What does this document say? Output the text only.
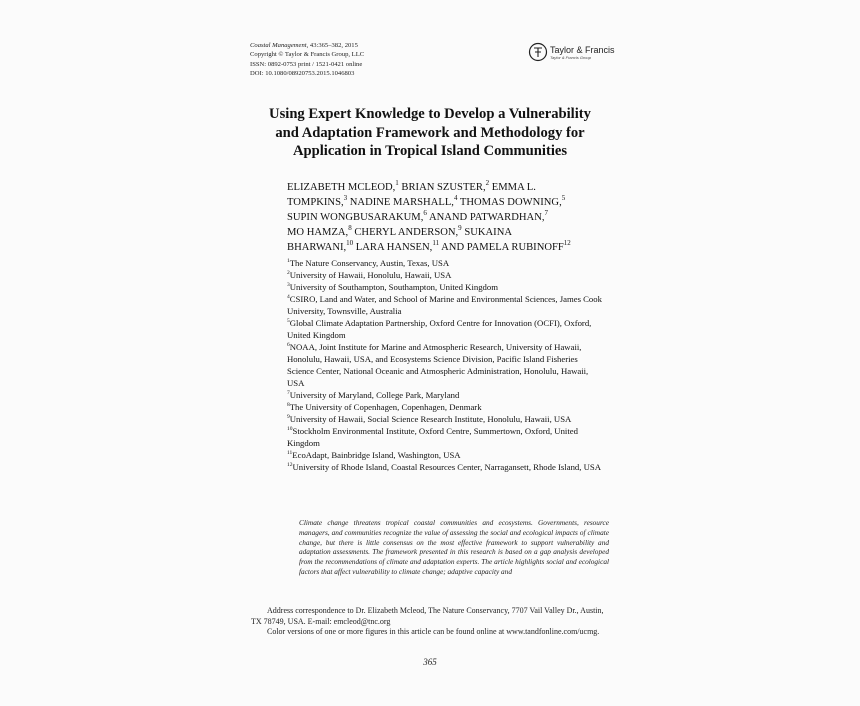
Coastal Management, 43:365–382, 2015
Copyright © Taylor & Francis Group, LLC
ISSN: 0892-0753 print / 1521-0421 online
DOI: 10.1080/08920753.2015.1046803
Taylor & Francis
Taylor & Francis Group
Using Expert Knowledge to Develop a Vulnerability
and Adaptation Framework and Methodology for
Application in Tropical Island Communities
ELIZABETH MCLEOD,$^1$ BRIAN SZUSTER,$^2$ EMMA L.
TOMPKINS,$^3$ NADINE MARSHALL,$^4$ THOMAS DOWNING,$^5$
SUPIN WONGBUSARAKUM,$^6$ ANAND PATWARDHAN,$^7$
MO HAMZA,$^8$ CHERYL ANDERSON,$^9$ SUKAINA
BHARWANI,$^{10}$ LARA HANSEN,$^{11}$ AND PAMELA RUBINOFF$^{12}$
$^1$The Nature Conservancy, Austin, Texas, USA
$^2$University of Hawaii, Honolulu, Hawaii, USA
$^3$University of Southampton, Southampton, United Kingdom
$^4$CSIRO, Land and Water, and School of Marine and Environmental Sciences, James Cook University, Townsville, Australia
$^5$Global Climate Adaptation Partnership, Oxford Centre for Innovation (OCFI), Oxford, United Kingdom
$^6$NOAA, Joint Institute for Marine and Atmospheric Research, University of Hawaii, Honolulu, Hawaii, USA, and Ecosystems Science Division, Pacific Island Fisheries Science Center, National Oceanic and Atmospheric Administration, Honolulu, Hawaii, USA
$^7$University of Maryland, College Park, Maryland
$^8$The University of Copenhagen, Copenhagen, Denmark
$^9$University of Hawaii, Social Science Research Institute, Honolulu, Hawaii, USA
$^{10}$Stockholm Environmental Institute, Oxford Centre, Summertown, Oxford, United Kingdom
$^{11}$EcoAdapt, Bainbridge Island, Washington, USA
$^{12}$University of Rhode Island, Coastal Resources Center, Narragansett, Rhode Island, USA
Climate change threatens tropical coastal communities and ecosystems. Governments, resource managers, and communities recognize the value of assessing the social and ecological impacts of climate change, but there is little consensus on the most effective framework to support vulnerability and adaptation assessments. The framework presented in this research is based on a gap analysis developed from the recommendations of climate and adaptation experts. The article highlights social and ecological factors that affect vulnerability to climate change; adaptive capacity and

Address correspondence to Dr. Elizabeth Mcleod, The Nature Conservancy, 7707 Vail Valley Dr., Austin, TX 78749, USA. E-mail: emcleod@tnc.org

Color versions of one or more figures in this article can be found online at www.tandfonline.com/ucmg.

365
